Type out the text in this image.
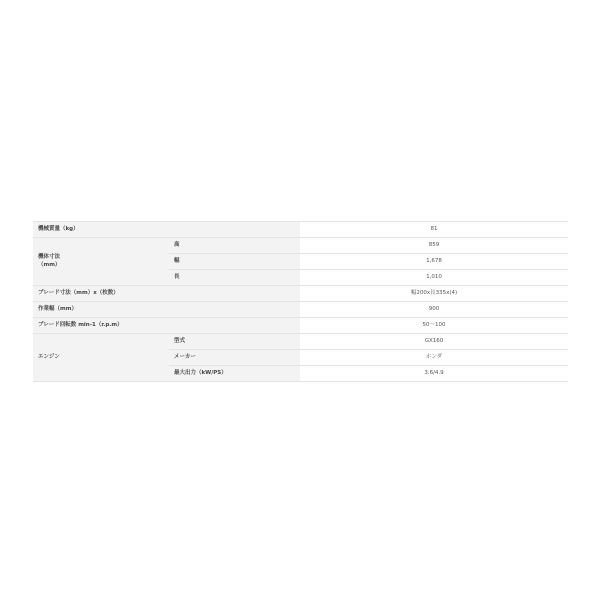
機械質量（kg）		81
機体寸法
（mm）	高	859
	幅	1,678
	長	1,010
ブレード寸法（mm）x（枚数）		幅200x長335x(4)
作業幅（mm）		900
ブレード回転数 min-1（r.p.m）		50〜100
エンジン	型式	GX160
	メーカー	ホンダ
	最大出力（kW/PS）	3.6/4.9
